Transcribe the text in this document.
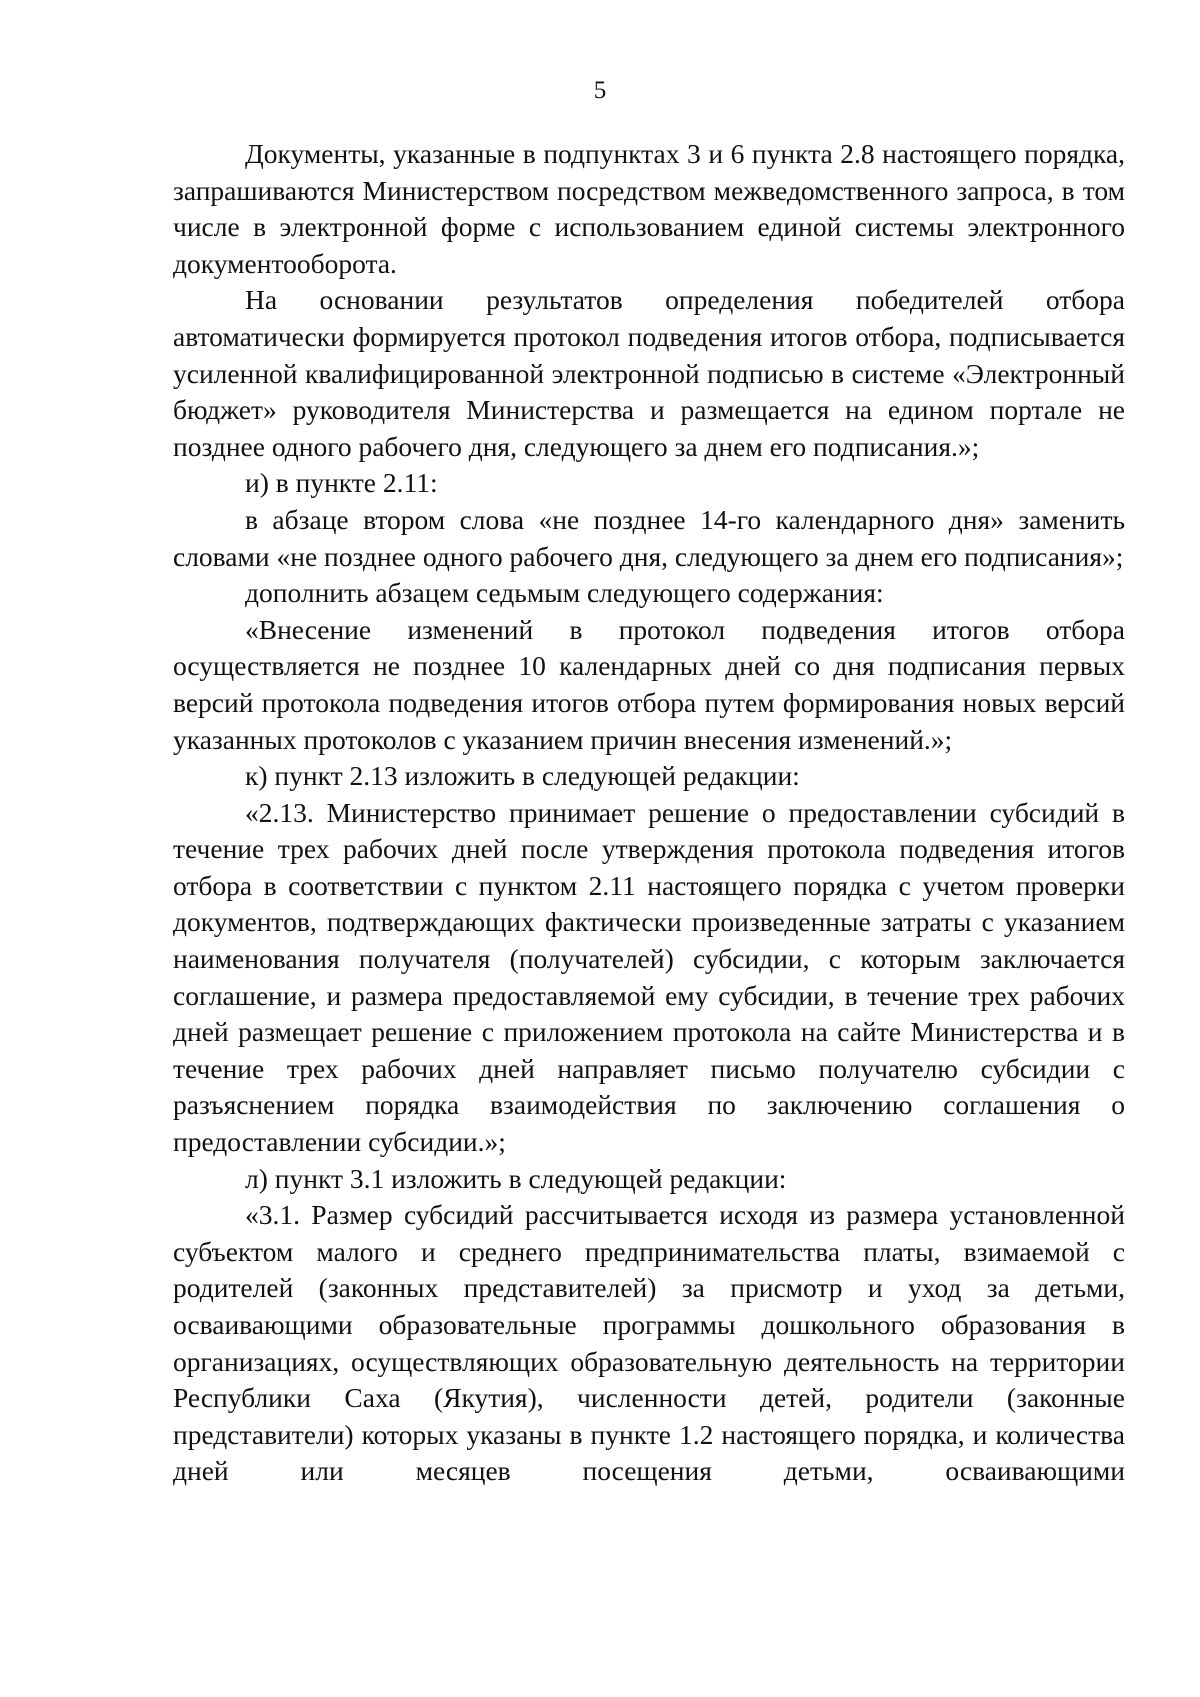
5

Документы, указанные в подпунктах 3 и 6 пункта 2.8 настоящего порядка, запрашиваются Министерством посредством межведомственного запроса, в том числе в электронной форме с использованием единой системы электронного документооборота.

На основании результатов определения победителей отбора автоматически формируется протокол подведения итогов отбора, подписывается усиленной квалифицированной электронной подписью в системе «Электронный бюджет» руководителя Министерства и размещается на едином портале не позднее одного рабочего дня, следующего за днем его подписания.»;

и) в пункте 2.11:

в абзаце втором слова «не позднее 14-го календарного дня» заменить словами «не позднее одного рабочего дня, следующего за днем его подписания»;

дополнить абзацем седьмым следующего содержания:

«Внесение изменений в протокол подведения итогов отбора осуществляется не позднее 10 календарных дней со дня подписания первых версий протокола подведения итогов отбора путем формирования новых версий указанных протоколов с указанием причин внесения изменений.»;

к) пункт 2.13 изложить в следующей редакции:

«2.13. Министерство принимает решение о предоставлении субсидий в течение трех рабочих дней после утверждения протокола подведения итогов отбора в соответствии с пунктом 2.11 настоящего порядка с учетом проверки документов, подтверждающих фактически произведенные затраты с указанием наименования получателя (получателей) субсидии, с которым заключается соглашение, и размера предоставляемой ему субсидии, в течение трех рабочих дней размещает решение с приложением протокола на сайте Министерства и в течение трех рабочих дней направляет письмо получателю субсидии с разъяснением порядка взаимодействия по заключению соглашения о предоставлении субсидии.»;

л) пункт 3.1 изложить в следующей редакции:

«3.1. Размер субсидий рассчитывается исходя из размера установленной субъектом малого и среднего предпринимательства платы, взимаемой с родителей (законных представителей) за присмотр и уход за детьми, осваивающими образовательные программы дошкольного образования в организациях, осуществляющих образовательную деятельность на территории Республики Саха (Якутия), численности детей, родители (законные представители) которых указаны в пункте 1.2 настоящего порядка, и количества дней или месяцев посещения детьми, осваивающими
